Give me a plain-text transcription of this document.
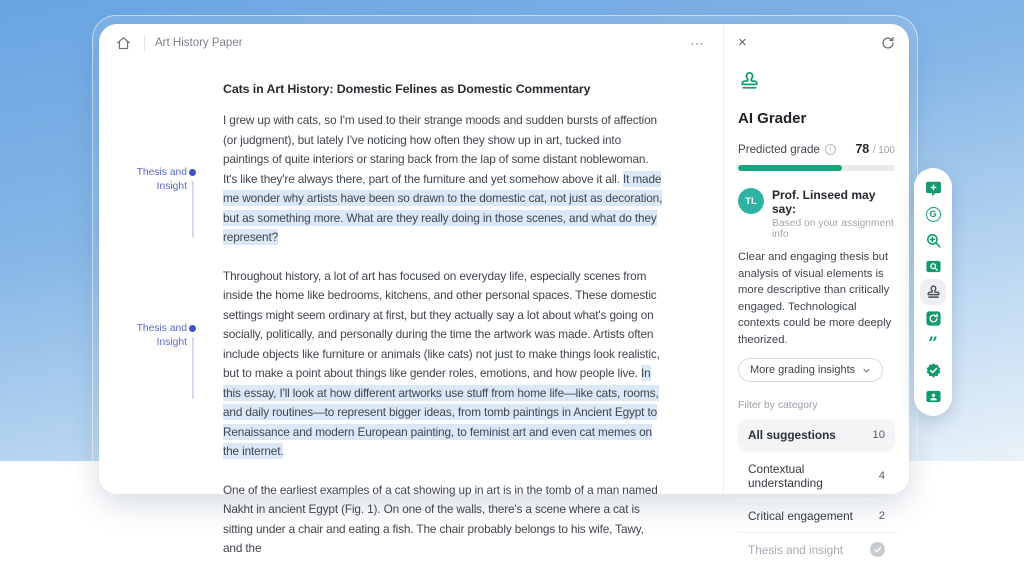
Art History Paper	⋯
Thesis and Insight
Thesis and Insight
Cats in Art History: Domestic Felines as Domestic Commentary

I grew up with cats, so I'm used to their strange moods and sudden bursts of affection (or judgment), but lately I've noticing how often they show up in art, tucked into paintings of quite interiors or staring back from the lap of some distant noblewoman. It's like they're always there, part of the furniture and yet somehow above it all. It made me wonder why artists have been so drawn to the domestic cat, not just as decoration, but as something more. What are they really doing in those scenes, and what do they represent?

Throughout history, a lot of art has focused on everyday life, especially scenes from inside the home like bedrooms, kitchens, and other personal spaces. These domestic settings might seem ordinary at first, but they actually say a lot about what's going on socially, politically, and personally during the time the artwork was made. Artists often include objects like furniture or animals (like cats) not just to make things look realistic, but to make a point about things like gender roles, emotions, and how people live. In this essay, I'll look at how different artworks use stuff from home life—like cats, rooms, and daily routines—to represent bigger ideas, from tomb paintings in Ancient Egypt to Renaissance and modern European painting, to feminist art and even cat memes on the internet.

One of the earliest examples of a cat showing up in art is in the tomb of a man named Nakht in ancient Egypt (Fig. 1). On one of the walls, there's a scene where a cat is sitting under a chair and eating a fish. The chair probably belongs to his wife, Tawy, and the

×
AI Grader
Predicted grade	i	78 / 100
TL	Prof. Linseed may say:
Based on your assignment info
Clear and engaging thesis but analysis of visual elements is more descriptive than critically engaged. Technological contexts could be more deeply theorized.
More grading insights
Filter by category
All suggestions	10
Contextual understanding	4
Critical engagement 2
Thesis and insight
G
”
